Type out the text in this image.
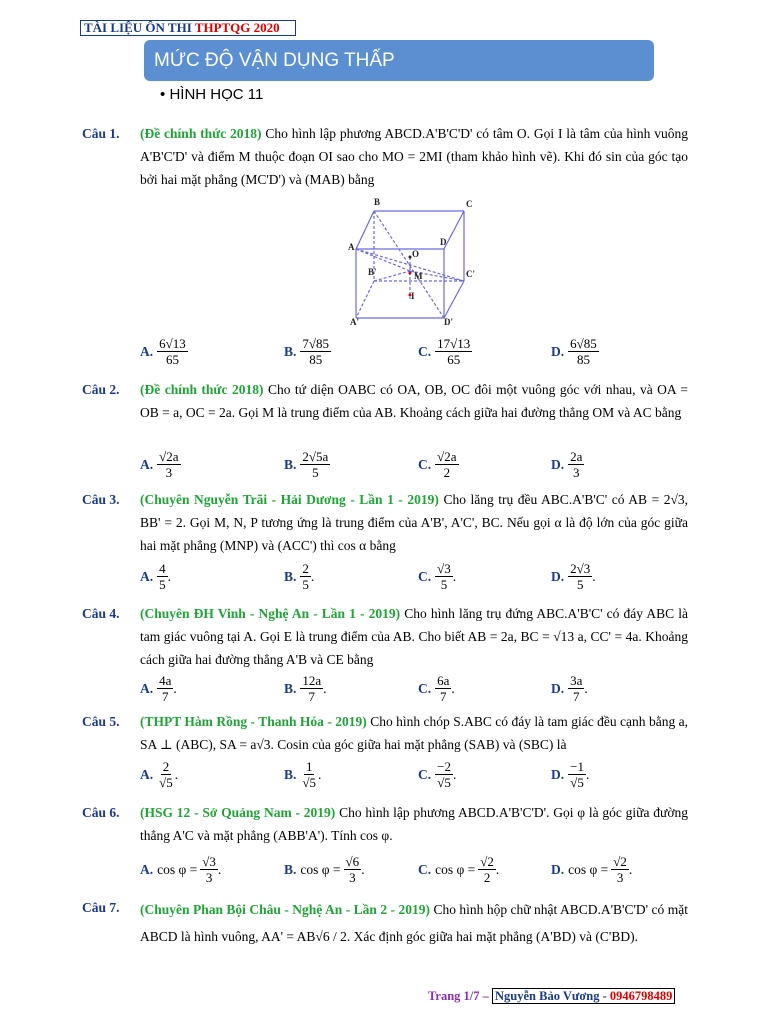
TÀI LIỆU ÔN THI THPTQG 2020
MỨC ĐỘ VẬN DỤNG THẤP
• HÌNH HỌC 11
Câu 1. (Đề chính thức 2018) Cho hình lập phương ABCD.A'B'C'D' có tâm O. Gọi I là tâm của hình vuông A'B'C'D' và điểm M thuộc đoạn OI sao cho MO = 2MI (tham khảo hình vẽ). Khi đó sin của góc tạo bởi hai mặt phẳng (MC'D') và (MAB) bằng
B	C
A	D
O
B'	M	C'
I
A'	D'
A. $\frac{6√13}{65}$	B. $\frac{7√85}{85}$	C. $\frac{17√13}{65}$	D. $\frac{6√85}{85}$
Câu 2. (Đề chính thức 2018) Cho tứ diện OABC có OA, OB, OC đôi một vuông góc với nhau, và OA = OB = a, OC = 2a. Gọi M là trung điểm của AB. Khoảng cách giữa hai đường thẳng OM và AC bằng
A. $\frac{√2a}{3}$	B. $\frac{2√5a}{5}$	C. $\frac{√2a}{2}$	D. $\frac{2a}{3}$
Câu 3. (Chuyên Nguyễn Trãi - Hải Dương - Lần 1 - 2019) Cho lăng trụ đều ABC.A'B'C' có AB = 2√3, BB' = 2. Gọi M, N, P tương ứng là trung điểm của A'B', A'C', BC. Nếu gọi α là độ lớn của góc giữa hai mặt phẳng (MNP) và (ACC') thì cos α bằng
A. $\frac{4}{5}$ .	B. $\frac{2}{5}$ .	C. $\frac{√3}{5}$ .	D. $\frac{2√3}{5}$ .
Câu 4. (Chuyên ĐH Vinh - Nghệ An - Lần 1 - 2019) Cho hình lăng trụ đứng ABC.A'B'C' có đáy ABC là tam giác vuông tại A. Gọi E là trung điểm của AB. Cho biết AB = 2a, BC = √13 a, CC' = 4a. Khoảng cách giữa hai đường thẳng A'B và CE bằng
A. $\frac{4a}{7}$ .	B. $\frac{12a}{7}$ .	C. $\frac{6a}{7}$ .	D. $\frac{3a}{7}$ .
Câu 5. (THPT Hàm Rồng - Thanh Hóa - 2019) Cho hình chóp S.ABC có đáy là tam giác đều cạnh bằng a, SA ⊥ (ABC), SA = a√3. Cosin của góc giữa hai mặt phẳng (SAB) và (SBC) là
A. $\frac{2}{√5}$ .	B. $\frac{1}{√5}$ .	C. $\frac{-2}{√5}$ .	D. $\frac{-1}{√5}$ .
Câu 6. (HSG 12 - Sở Quảng Nam - 2019) Cho hình lập phương ABCD.A'B'C'D'. Gọi φ là góc giữa đường thẳng A'C và mặt phẳng (ABB'A'). Tính cos φ.
A. $\cos \varphi = \frac{√3}{3}$ .	B. $\cos \varphi = \frac{√6}{3}$ .	C. $\cos \varphi = \frac{√2}{2}$ .	D. $\cos \varphi = \frac{√2}{3}$ .
Câu 7. (Chuyên Phan Bội Châu - Nghệ An - Lần 2 - 2019) Cho hình hộp chữ nhật ABCD.A'B'C'D' có mặt ABCD là hình vuông, AA' = AB√6 / 2. Xác định góc giữa hai mặt phẳng (A'BD) và (C'BD).
Trang 1/7 – Nguyễn Bảo Vương - 0946798489
